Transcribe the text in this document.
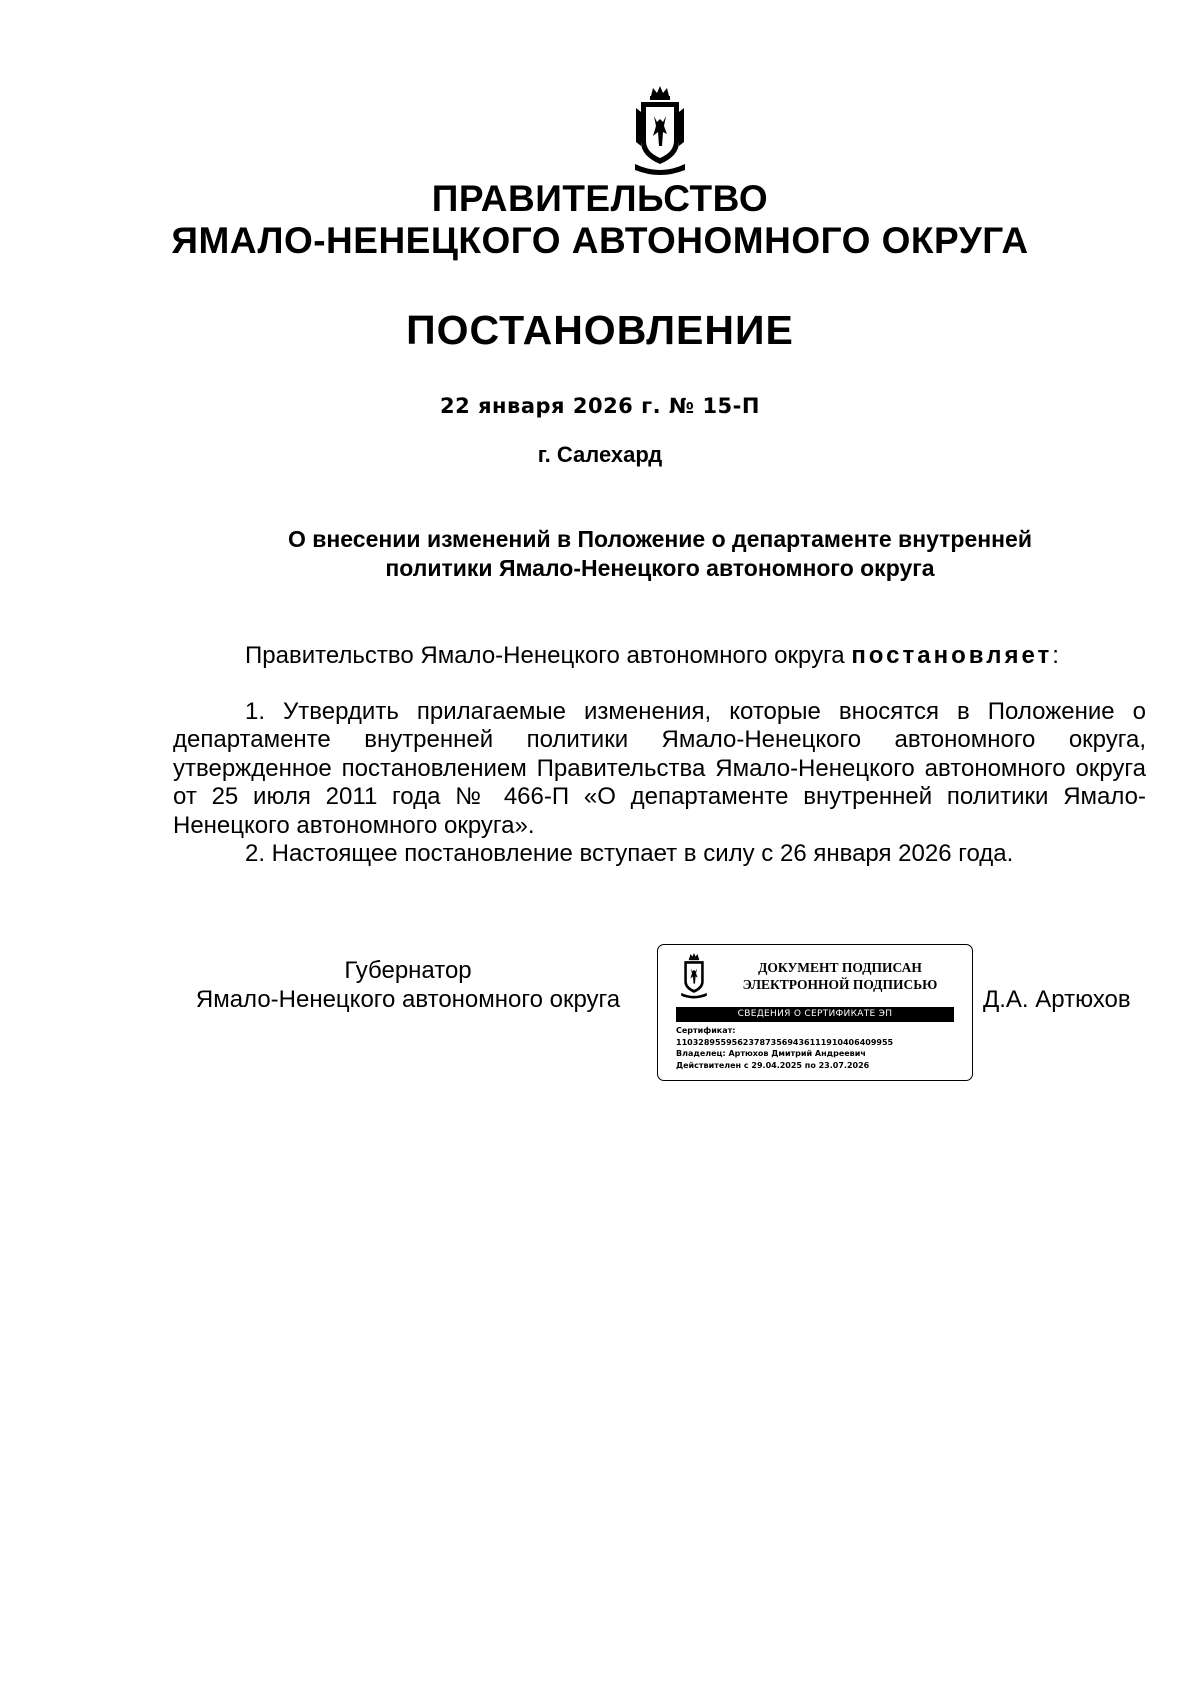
ПРАВИТЕЛЬСТВО
ЯМАЛО-НЕНЕЦКОГО АВТОНОМНОГО ОКРУГА
ПОСТАНОВЛЕНИЕ
22 января 2026 г. № 15-П
г. Салехард
О внесении изменений в Положение о департаменте внутренней
политики Ямало-Ненецкого автономного округа
Правительство Ямало-Ненецкого автономного округа постановляет:

1. Утвердить прилагаемые изменения, которые вносятся в Положение о департаменте внутренней политики Ямало-Ненецкого автономного округа, утвержденное постановлением Правительства Ямало-Ненецкого автономного округа от 25 июля 2011 года № 466-П «О департаменте внутренней политики Ямало-Ненецкого автономного округа».

2. Настоящее постановление вступает в силу с 26 января 2026 года.

Губернатор
Ямало-Ненецкого автономного округа
ДОКУМЕНТ ПОДПИСАН
ЭЛЕКТРОННОЙ ПОДПИСЬЮ
СВЕДЕНИЯ О СЕРТИФИКАТЕ ЭП
Сертификат:
110328955956237873569436111910406409955
Владелец: Артюхов Дмитрий Андреевич
Действителен с 29.04.2025 по 23.07.2026
Д.А. Артюхов
